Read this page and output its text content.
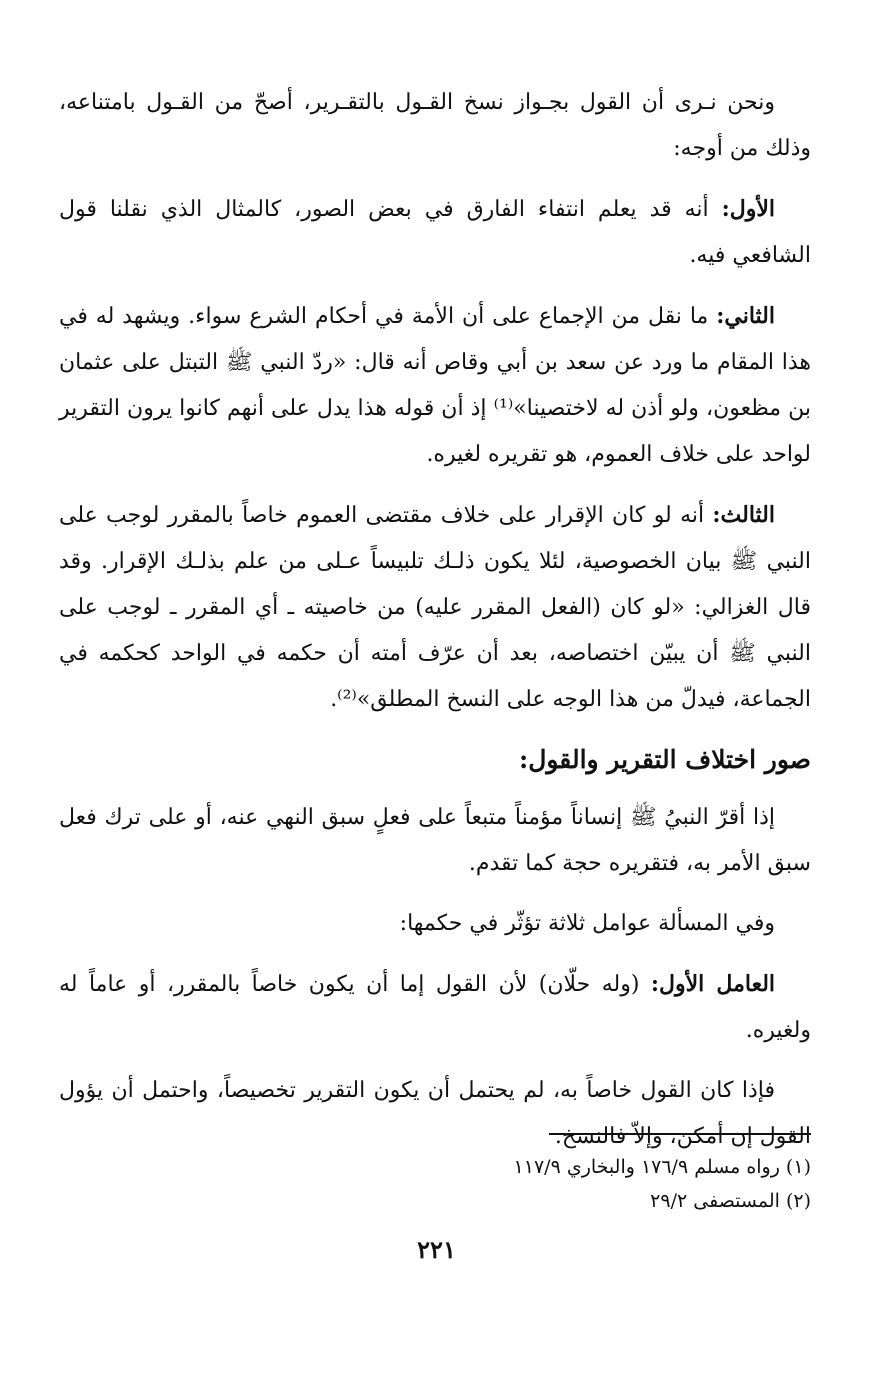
ونحن نـرى أن القول بجـواز نسخ القـول بالتقـرير، أصحّ من القـول بامتناعه، وذلك من أوجه:

الأول: أنه قد يعلم انتفاء الفارق في بعض الصور، كالمثال الذي نقلنا قول الشافعي فيه.

الثاني: ما نقل من الإجماع على أن الأمة في أحكام الشرع سواء. ويشهد له في هذا المقام ما ورد عن سعد بن أبي وقاص أنه قال: «ردّ النبي ﷺ التبتل على عثمان بن مظعون، ولو أذن له لاختصينا»⁽¹⁾ إذ أن قوله هذا يدل على أنهم كانوا يرون التقرير لواحد على خلاف العموم، هو تقريره لغيره.

الثالث: أنه لو كان الإقرار على خلاف مقتضى العموم خاصاً بالمقرر لوجب على النبي ﷺ بيان الخصوصية، لئلا يكون ذلـك تلبيساً عـلى من علم بذلـك الإقرار. وقد قال الغزالي: «لو كان (الفعل المقرر عليه) من خاصيته ـ أي المقرر ـ لوجب على النبي ﷺ أن يبيّن اختصاصه، بعد أن عرّف أمته أن حكمه في الواحد كحكمه في الجماعة، فيدلّ من هذا الوجه على النسخ المطلق»⁽²⁾.

صور اختلاف التقرير والقول:

إذا أقرّ النبيُ ﷺ إنساناً مؤمناً متبعاً على فعلٍ سبق النهي عنه، أو على ترك فعل سبق الأمر به، فتقريره حجة كما تقدم.

وفي المسألة عوامل ثلاثة تؤثّر في حكمها:

العامل الأول: (وله حلّان) لأن القول إما أن يكون خاصاً بالمقرر، أو عاماً له ولغيره.

فإذا كان القول خاصاً به، لم يحتمل أن يكون التقرير تخصيصاً، واحتمل أن يؤول القول إن أمكن، وإلاّ فالنسخ.

(١) رواه مسلم ١٧٦/٩ والبخاري ١١٧/٩

(٢) المستصفى ٢٩/٢

٢٢١
